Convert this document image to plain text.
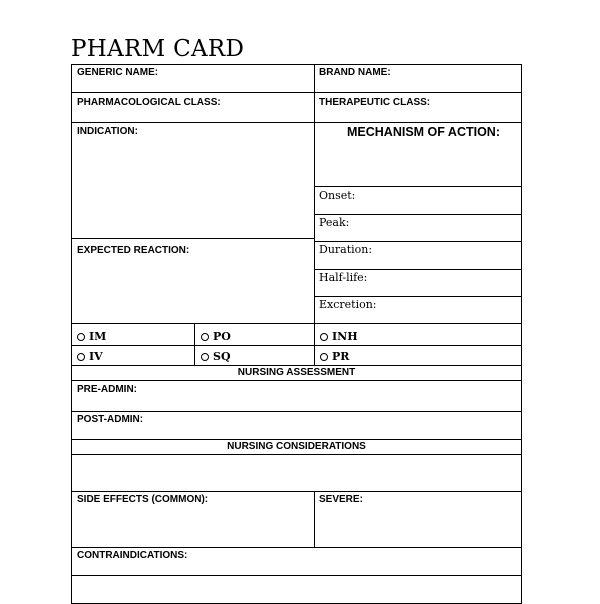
PHARM CARD
GENERIC NAME:	BRAND NAME:
PHARMACOLOGICAL CLASS:	THERAPEUTIC CLASS:
INDICATION:	MECHANISM OF ACTION:
Onset:
Peak:
EXPECTED REACTION:	Duration:
Half-life:
Excretion:
IM	PO	INH
IV	SQ	PR
NURSING ASSESSMENT
PRE-ADMIN:
POST-ADMIN:
NURSING CONSIDERATIONS
SIDE EFFECTS (COMMON):	SEVERE:
CONTRAINDICATIONS:
